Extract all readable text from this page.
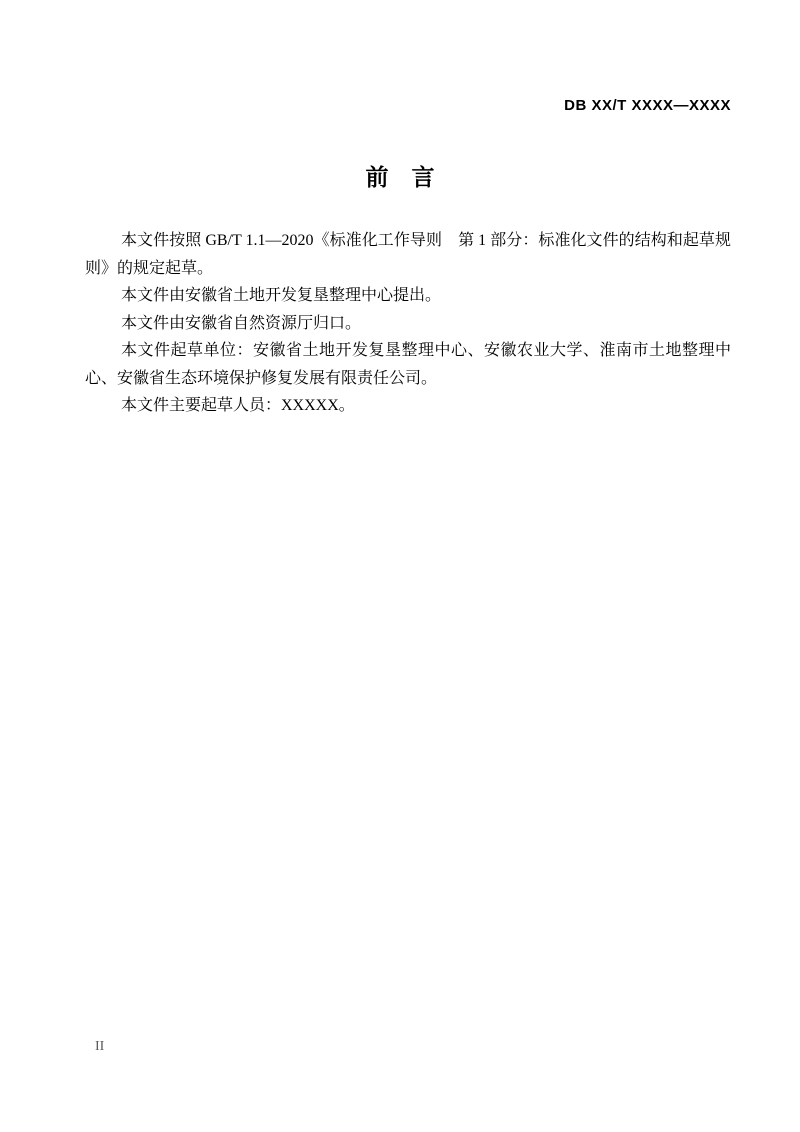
DB XX/T XXXX—XXXX
前　言

本文件按照 GB/T 1.1—2020《标准化工作导则　第 1 部分：标准化文件的结构和起草规则》的规定起草。

本文件由安徽省土地开发复垦整理中心提出。

本文件由安徽省自然资源厅归口。

本文件起草单位：安徽省土地开发复垦整理中心、安徽农业大学、淮南市土地整理中心、安徽省生态环境保护修复发展有限责任公司。

本文件主要起草人员：XXXXX。

II
